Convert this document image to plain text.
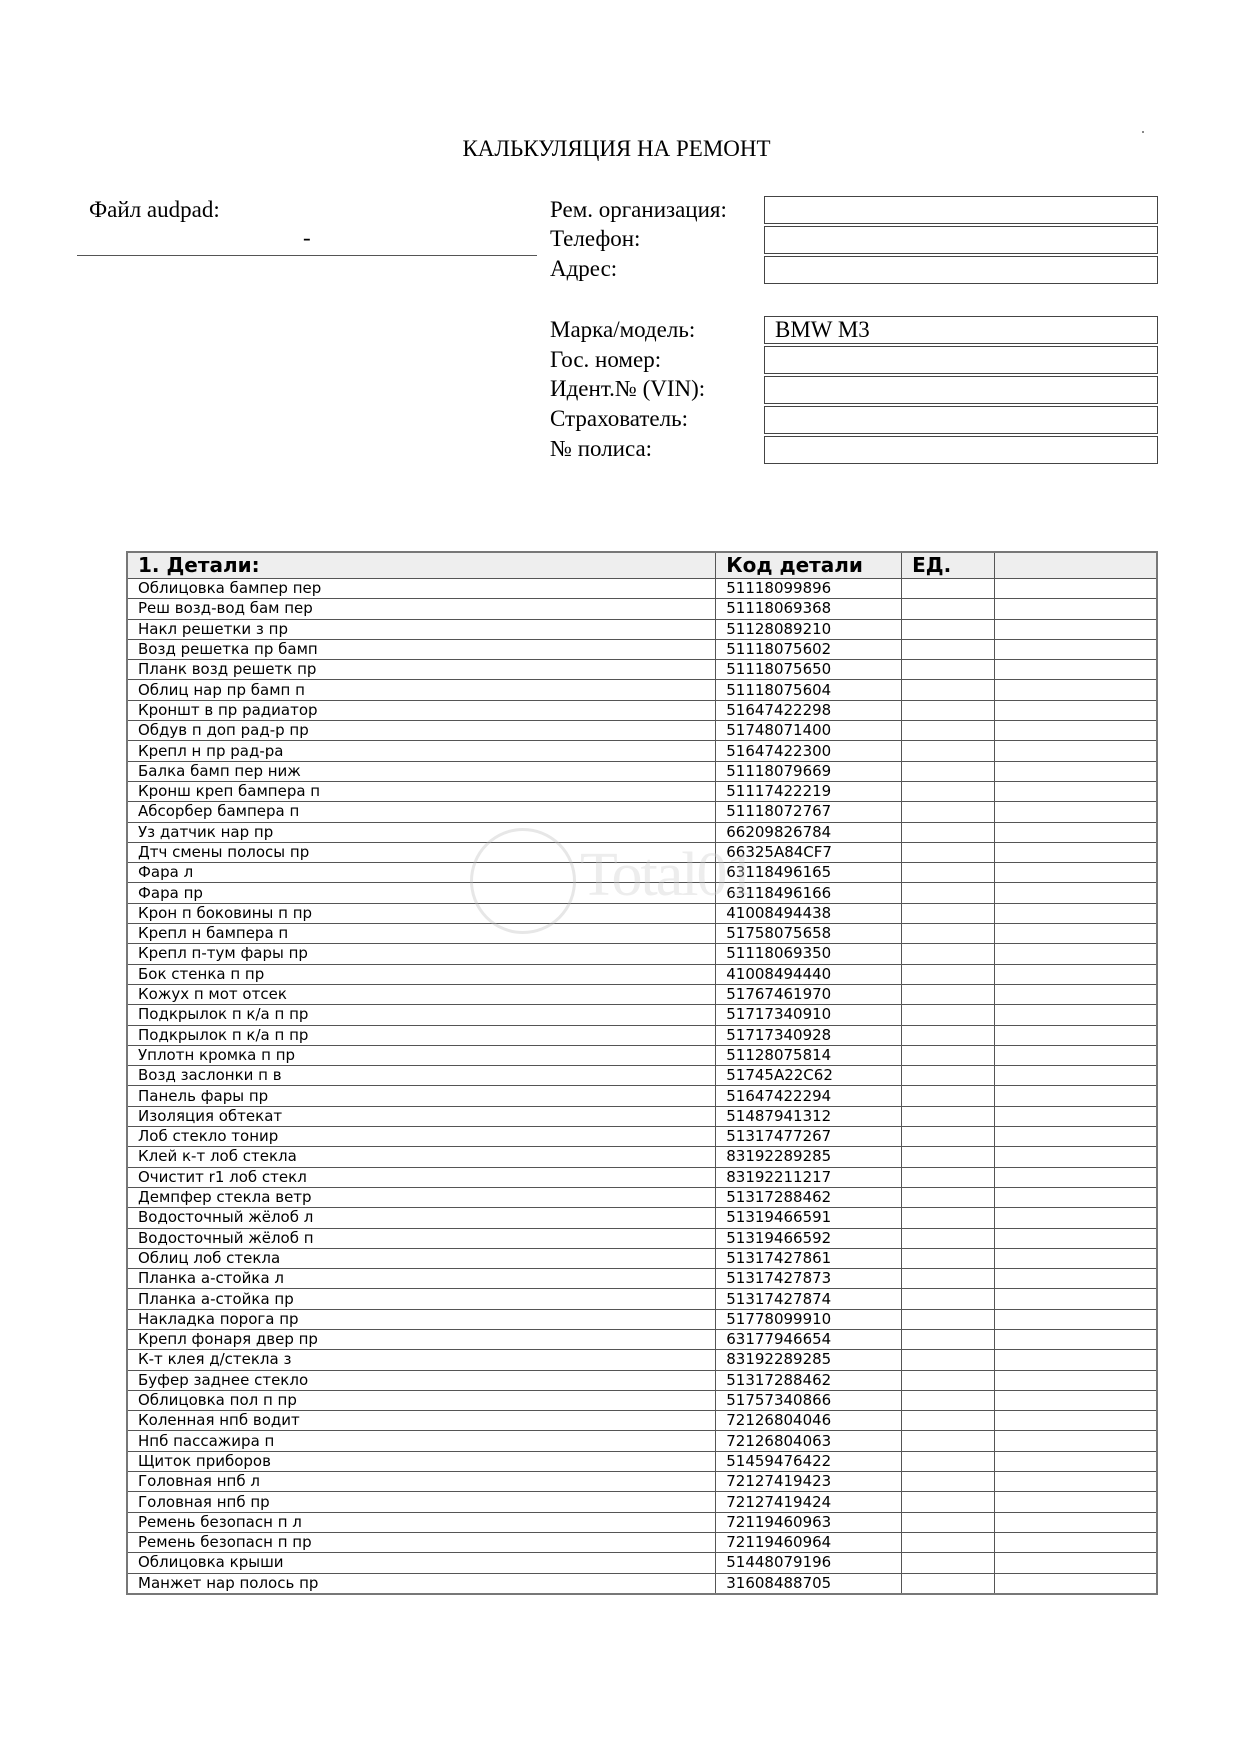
КАЛЬКУЛЯЦИЯ НА РЕМОНТ
Файл audpad:
-
Рем. организация:
Телефон:
Адрес:
Марка/модель:	BMW M3
Гос. номер:
Идент.№ (VIN):
Страхователь:
№ полиса:
1. Детали:	Код детали	ЕД.	
Облицовка бампер пер	51118099896		
Реш возд-вод бам пер	51118069368		
Накл решетки з пр	51128089210		
Возд решетка пр бамп	51118075602		
Планк возд решетк пр	51118075650		
Облиц нар пр бамп п	51118075604		
Кроншт в пр радиатор	51647422298		
Обдув п доп рад-р пр	51748071400		
Крепл н пр рад-ра	51647422300		
Балка бамп пер ниж	51118079669		
Кронш креп бампера п	51117422219		
Абсорбер бампера п	51118072767		
Уз датчик нар пр	66209826784		
Дтч смены полосы пр	66325A84CF7		
Фара л	63118496165		
Фара пр	63118496166		
Крон п боковины п пр	41008494438		
Крепл н бампера п	51758075658		
Крепл п-тум фары пр	51118069350		
Бок стенка п пр	41008494440		
Кожух п мот отсек	51767461970		
Подкрылок п к/а п пр	51717340910		
Подкрылок п к/а п пр	51717340928		
Уплотн кромка п пр	51128075814		
Возд заслонки п в	51745A22C62		
Панель фары пр	51647422294		
Изоляция обтекат	51487941312		
Лоб стекло тонир	51317477267		
Клей к-т лоб стекла	83192289285		
Очистит r1 лоб стекл	83192211217		
Демпфер стекла ветр	51317288462		
Водосточный жёлоб л	51319466591		
Водосточный жёлоб п	51319466592		
Облиц лоб стекла	51317427861		
Планка а-стойка л	51317427873		
Планка а-стойка пр	51317427874		
Накладка порога пр	51778099910		
Крепл фонаря двер пр	63177946654		
К-т клея д/стекла з	83192289285		
Буфер заднее стекло	51317288462		
Облицовка пол п пр	51757340866		
Коленная нпб водит	72126804046		
Нпб пассажира п	72126804063		
Щиток приборов	51459476422		
Головная нпб л	72127419423		
Головная нпб пр	72127419424		
Ремень безопасн п л	72119460963		
Ремень безопасн п пр	72119460964		
Облицовка крыши	51448079196		
Манжет нар полось пр	31608488705		
Total01
